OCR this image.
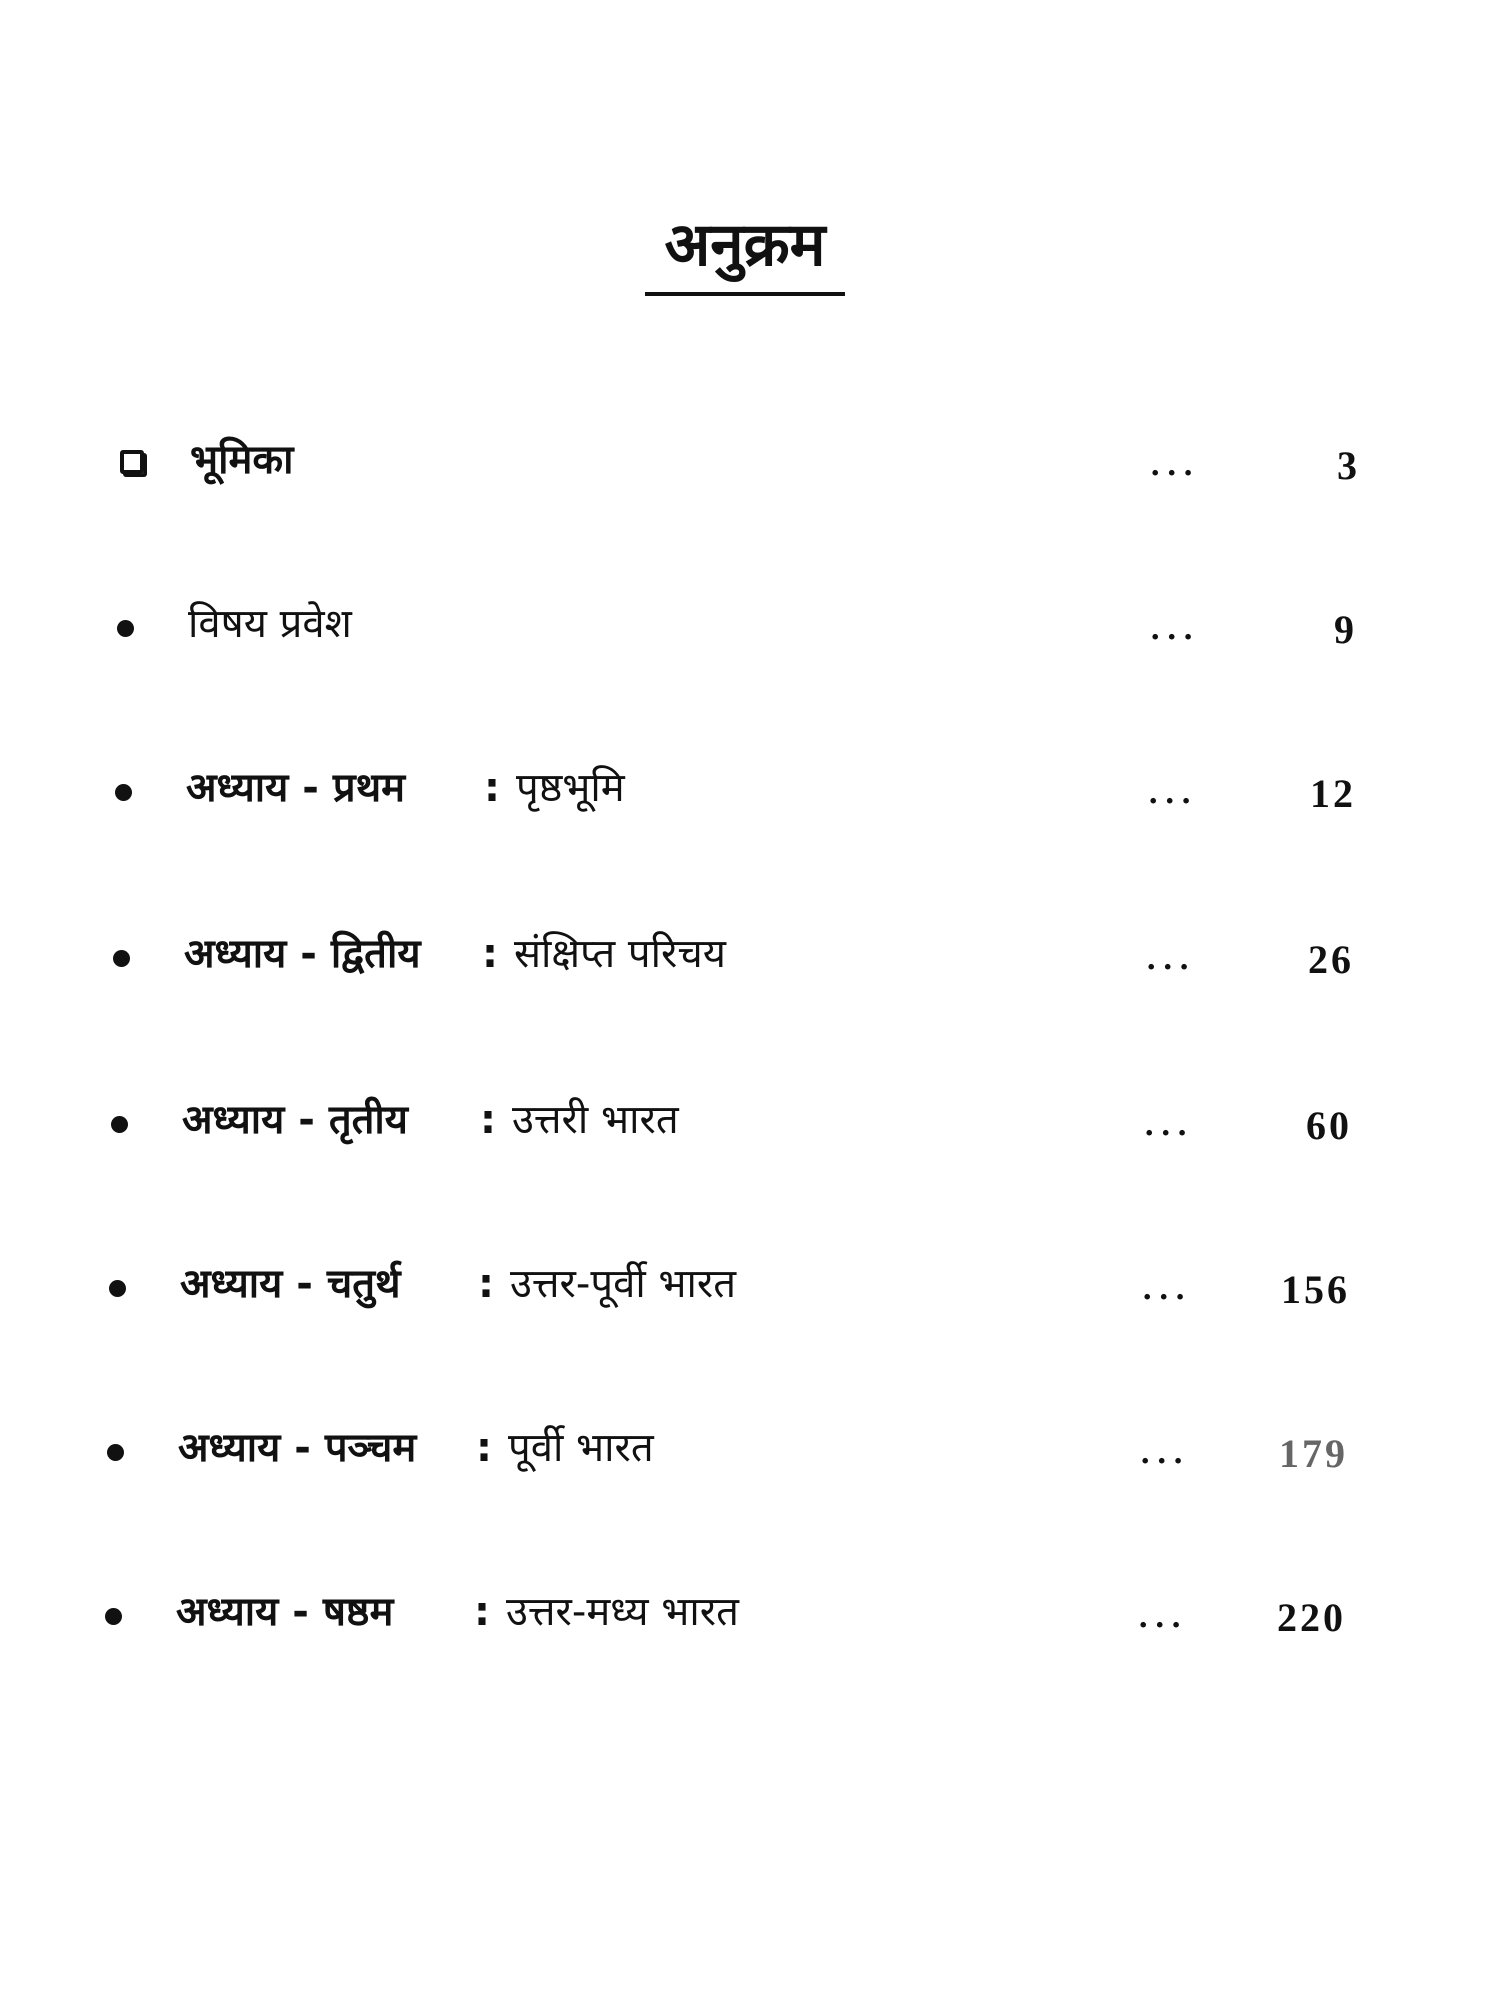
अनुक्रम
भूमिका	...	3
विषय प्रवेश	...	9
अध्याय - प्रथम : पृष्ठभूमि	...	12
अध्याय - द्वितीय : संक्षिप्त परिचय	...	26
अध्याय - तृतीय : उत्तरी भारत	...	60
अध्याय - चतुर्थ : उत्तर-पूर्वी भारत	...	156
अध्याय - पञ्चम : पूर्वी भारत	...	179
अध्याय - षष्ठम : उत्तर-मध्य भारत	...	220
